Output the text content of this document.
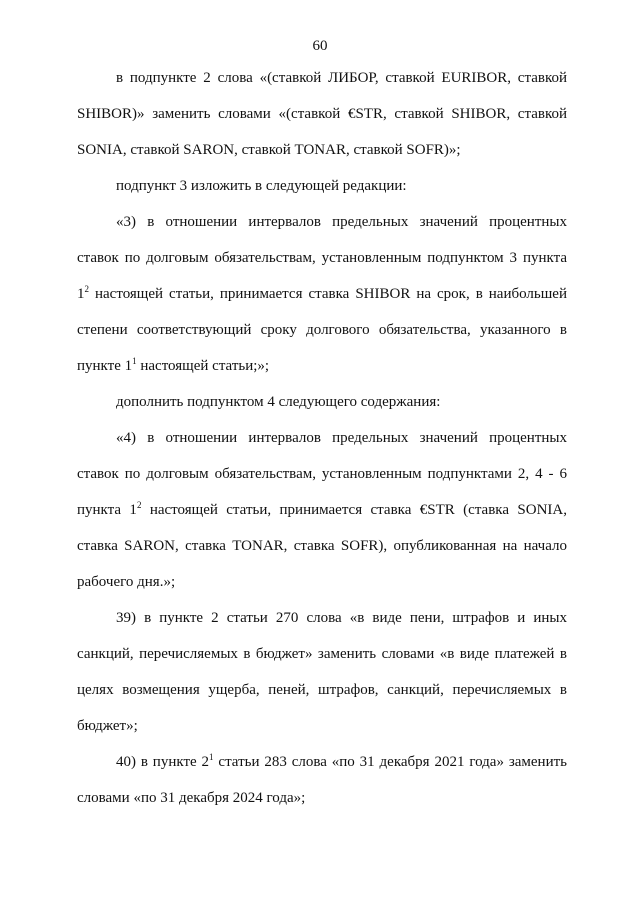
60

в подпункте 2 слова «(ставкой ЛИБОР, ставкой EURIBOR, ставкой SHIBOR)» заменить словами «(ставкой €STR, ставкой SHIBOR, ставкой SONIA, ставкой SARON, ставкой TONAR, ставкой SOFR)»;

подпункт 3 изложить в следующей редакции:

«3) в отношении интервалов предельных значений процентных ставок по долговым обязательствам, установленным подпунктом 3 пункта $1^2$ настоящей статьи, принимается ставка SHIBOR на срок, в наибольшей степени соответствующий сроку долгового обязательства, указанного в пункте $1^1$ настоящей статьи;»;

дополнить подпунктом 4 следующего содержания:

«4) в отношении интервалов предельных значений процентных ставок по долговым обязательствам, установленным подпунктами 2, 4 - 6 пункта $1^2$ настоящей статьи, принимается ставка €STR (ставка SONIA, ставка SARON, ставка TONAR, ставка SOFR), опубликованная на начало рабочего дня.»;

39) в пункте 2 статьи 270 слова «в виде пени, штрафов и иных санкций, перечисляемых в бюджет» заменить словами «в виде платежей в целях возмещения ущерба, пеней, штрафов, санкций, перечисляемых в бюджет»;

40) в пункте $2^1$ статьи 283 слова «по 31 декабря 2021 года» заменить словами «по 31 декабря 2024 года»;
